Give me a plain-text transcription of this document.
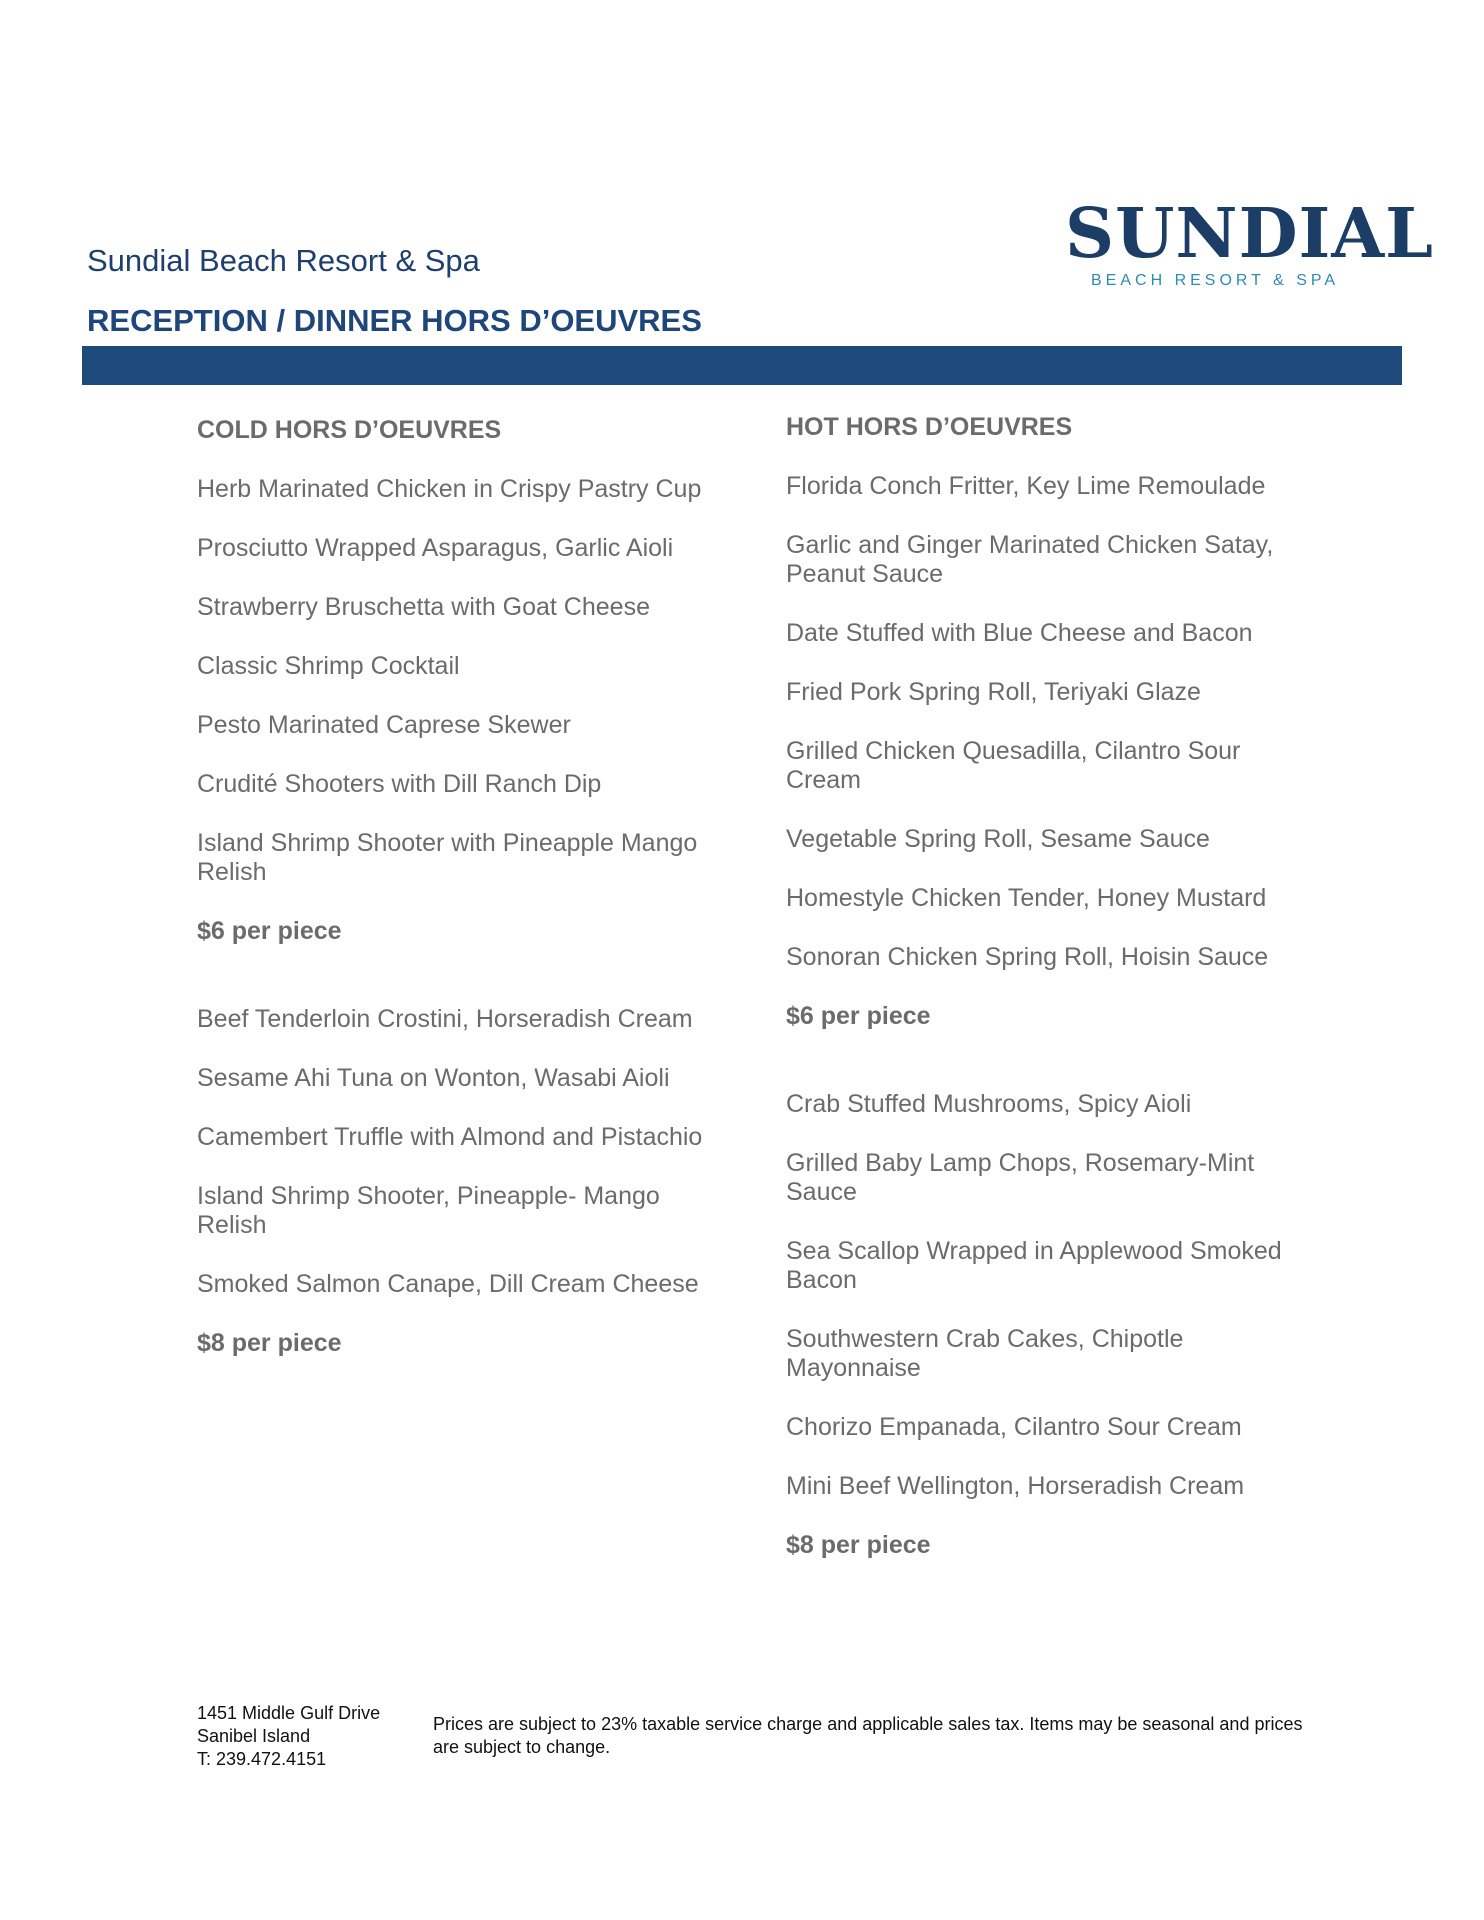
Sundial Beach Resort & Spa
RECEPTION / DINNER HORS D’OEUVRES
SUNDIAL
BEACH RESORT & SPA
COLD HORS D’OEUVRES
Herb Marinated Chicken in Crispy Pastry Cup
Prosciutto Wrapped Asparagus, Garlic Aioli
Strawberry Bruschetta with Goat Cheese
Classic Shrimp Cocktail
Pesto Marinated Caprese Skewer
Crudité Shooters with Dill Ranch Dip
Island Shrimp Shooter with Pineapple Mango Relish
$6 per piece
Beef Tenderloin Crostini, Horseradish Cream
Sesame Ahi Tuna on Wonton, Wasabi Aioli
Camembert Truffle with Almond and Pistachio
Island Shrimp Shooter, Pineapple- Mango Relish
Smoked Salmon Canape, Dill Cream Cheese
$8 per piece
HOT HORS D’OEUVRES
Florida Conch Fritter, Key Lime Remoulade
Garlic and Ginger Marinated Chicken Satay, Peanut Sauce
Date Stuffed with Blue Cheese and Bacon
Fried Pork Spring Roll, Teriyaki Glaze
Grilled Chicken Quesadilla, Cilantro Sour Cream
Vegetable Spring Roll, Sesame Sauce
Homestyle Chicken Tender, Honey Mustard
Sonoran Chicken Spring Roll, Hoisin Sauce
$6 per piece
Crab Stuffed Mushrooms, Spicy Aioli
Grilled Baby Lamp Chops, Rosemary-Mint Sauce
Sea Scallop Wrapped in Applewood Smoked Bacon
Southwestern Crab Cakes, Chipotle Mayonnaise
Chorizo Empanada, Cilantro Sour Cream
Mini Beef Wellington, Horseradish Cream
$8 per piece
1451 Middle Gulf Drive
Sanibel Island
T: 239.472.4151
Prices are subject to 23% taxable service charge and applicable sales tax. Items may be seasonal and prices are subject to change.
